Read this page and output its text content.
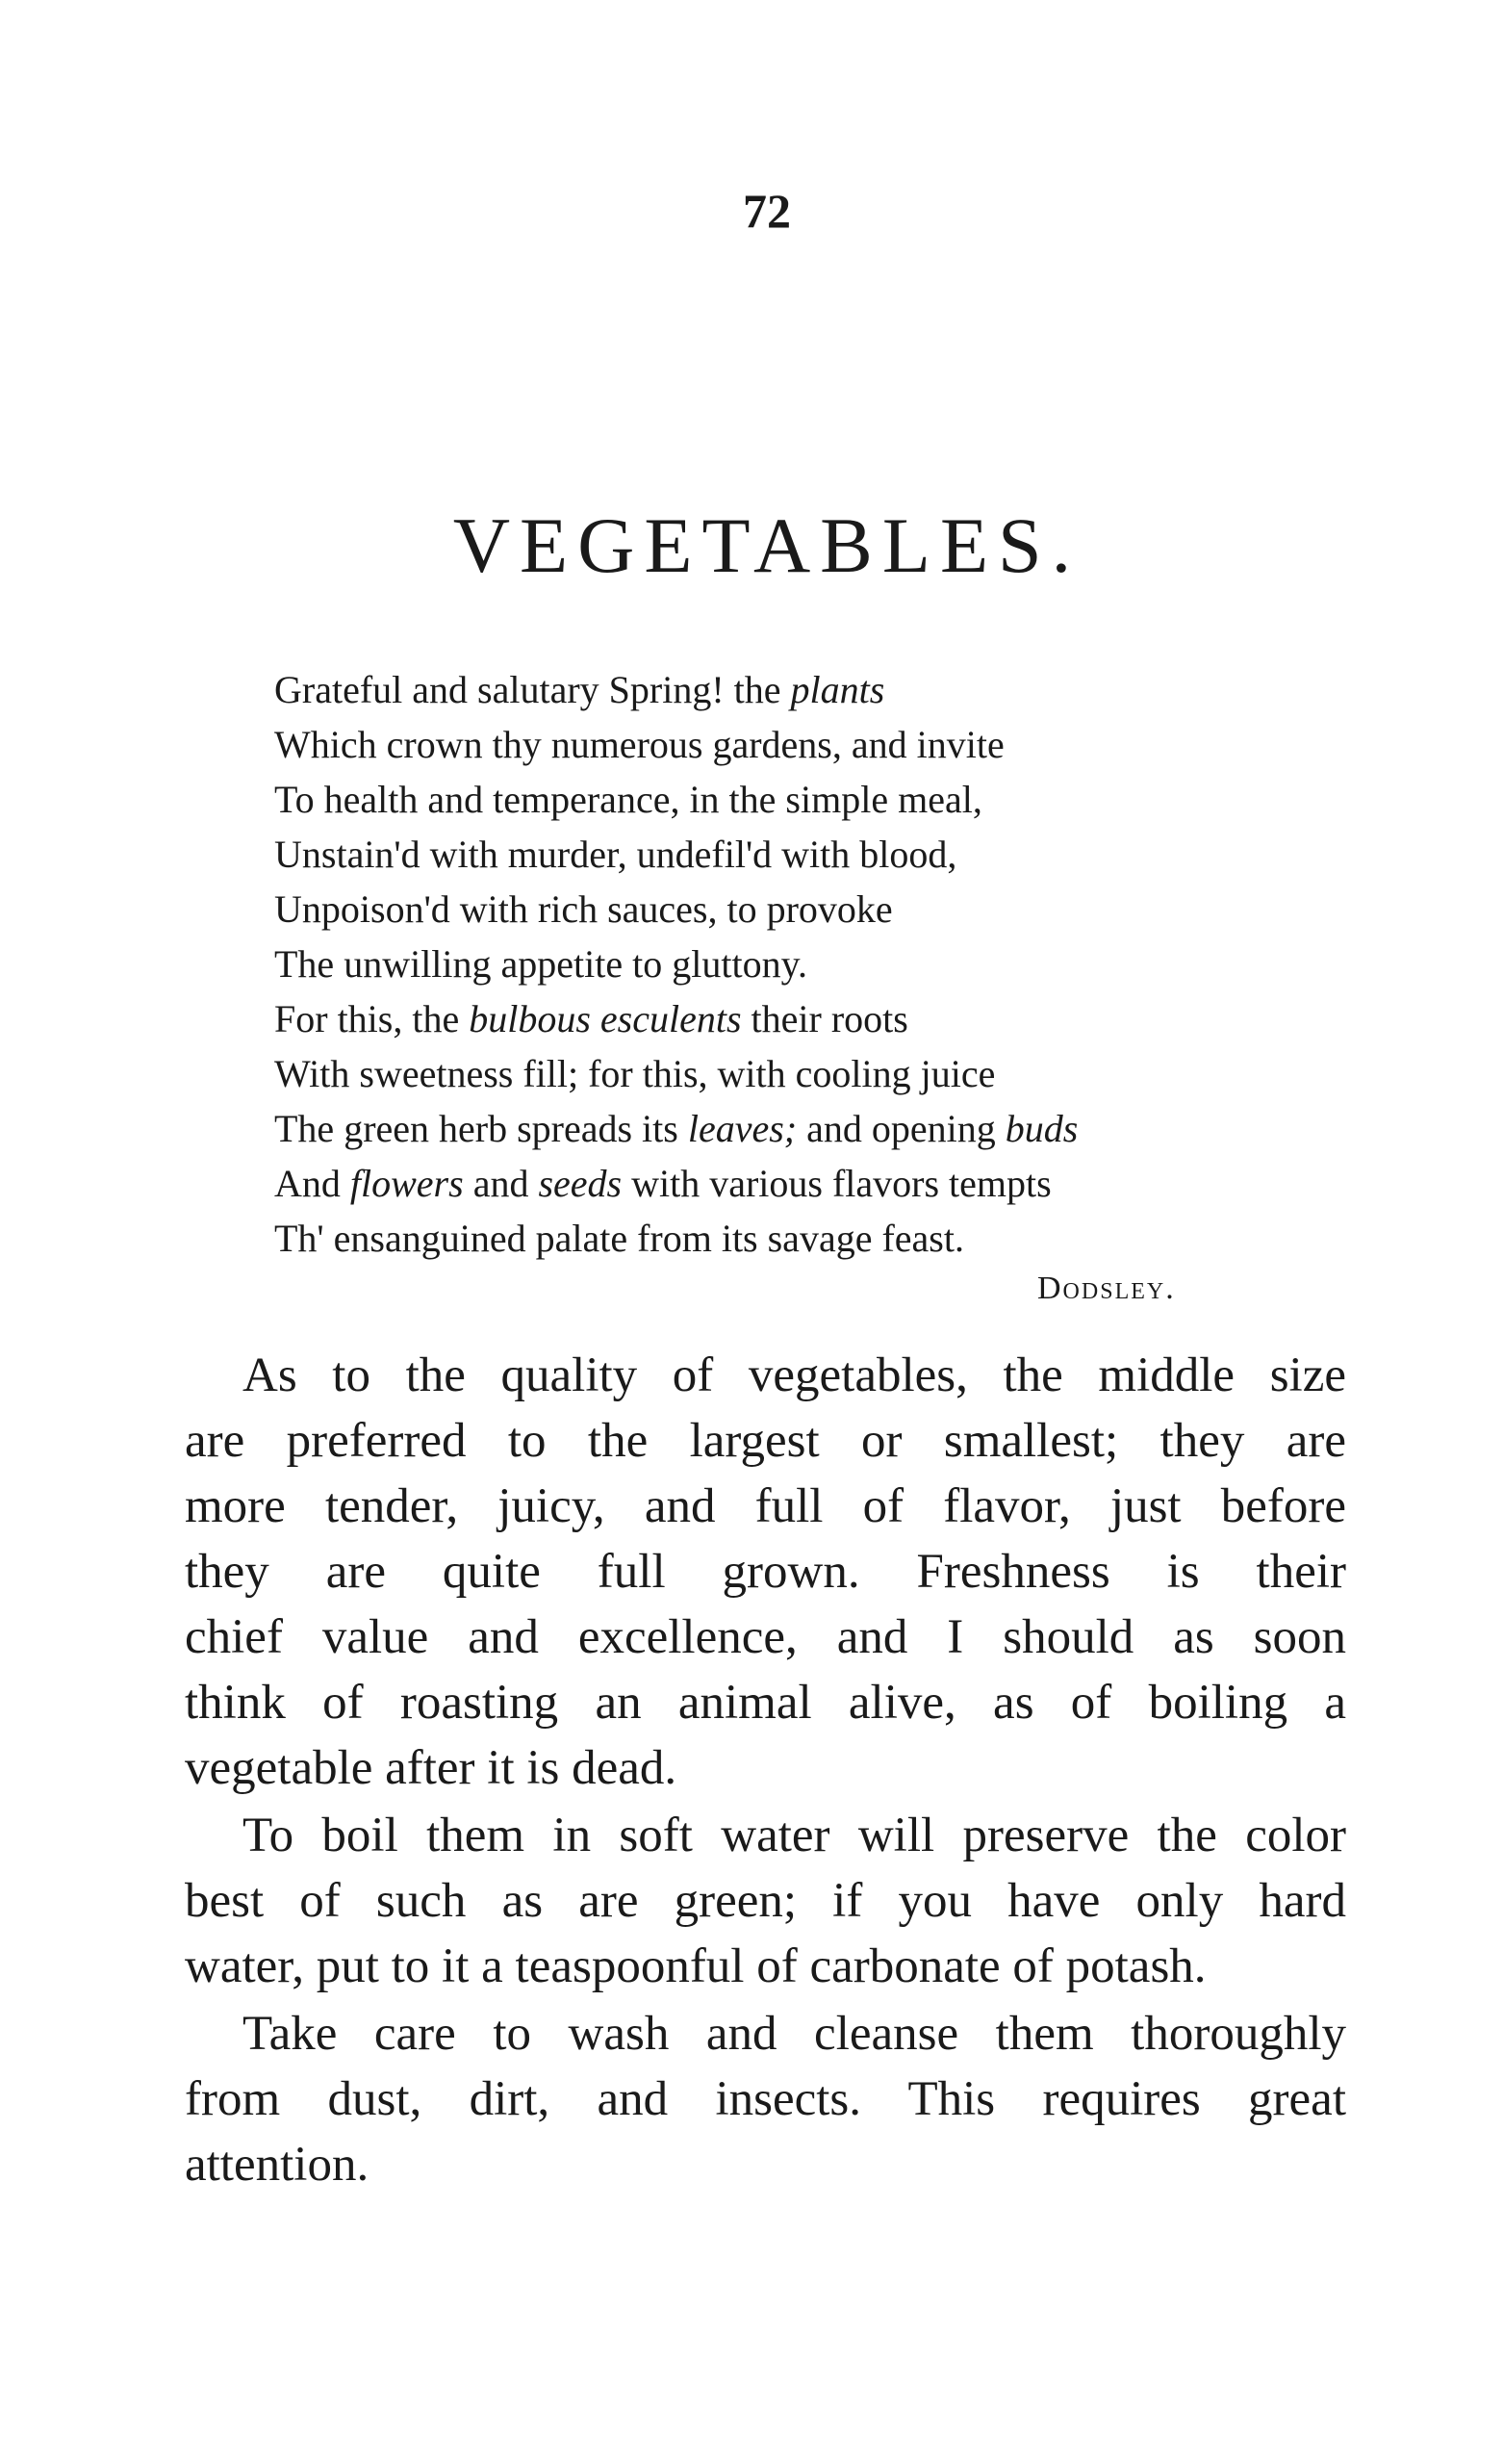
72
VEGETABLES.
Grateful and salutary Spring! the plants
Which crown thy numerous gardens, and invite
To health and temperance, in the simple meal,
Unstain'd with murder, undefil'd with blood,
Unpoison'd with rich sauces, to provoke
The unwilling appetite to gluttony.
For this, the bulbous esculents their roots
With sweetness fill; for this, with cooling juice
The green herb spreads its leaves; and opening buds
And flowers and seeds with various flavors tempts
Th' ensanguined palate from its savage feast.
Dodsley.
As to the quality of vegetables, the middle size
are preferred to the largest or smallest; they are
more tender, juicy, and full of flavor, just before
they are quite full grown. Freshness is their
chief value and excellence, and I should as soon
think of roasting an animal alive, as of boiling a
vegetable after it is dead.
To boil them in soft water will preserve the color
best of such as are green; if you have only hard
water, put to it a teaspoonful of carbonate of potash.
Take care to wash and cleanse them thoroughly
from dust, dirt, and insects. This requires great
attention.
